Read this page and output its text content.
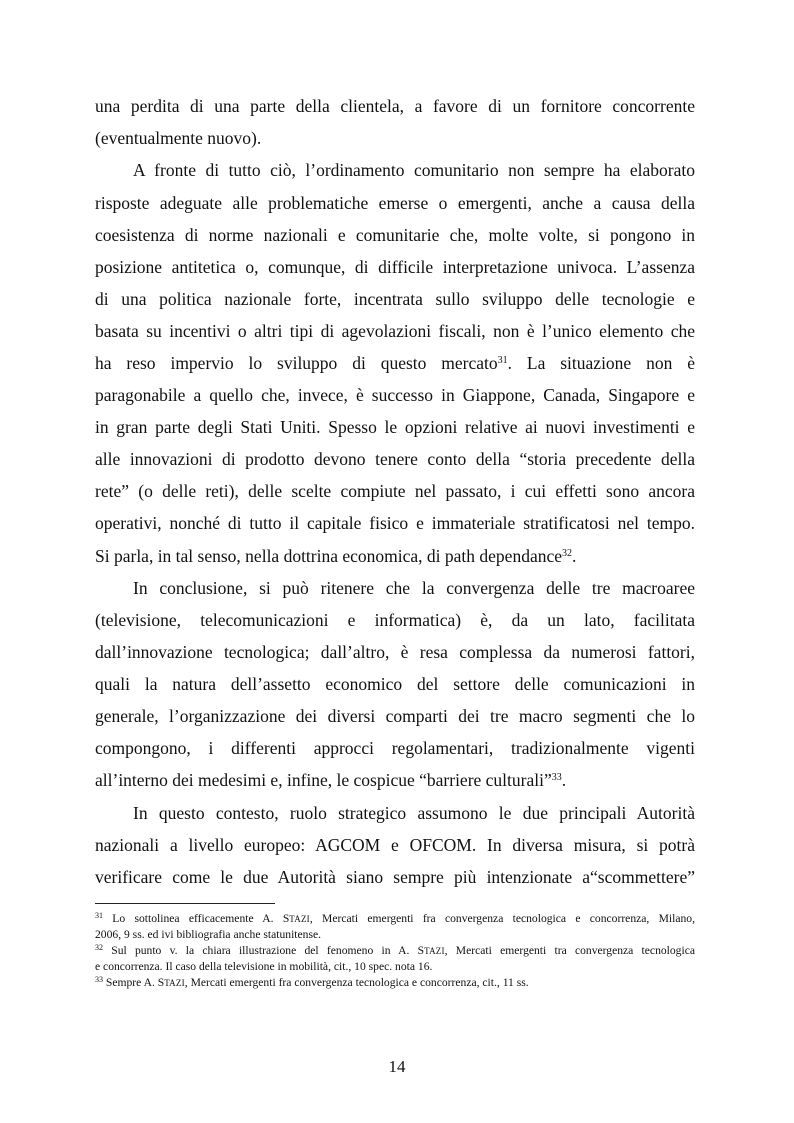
una perdita di una parte della clientela, a favore di un fornitore concorrente
(eventualmente nuovo).
A fronte di tutto ciò, l’ordinamento comunitario non sempre ha elaborato
risposte adeguate alle problematiche emerse o emergenti, anche a causa della
coesistenza di norme nazionali e comunitarie che, molte volte, si pongono in
posizione antitetica o, comunque, di difficile interpretazione univoca. L’assenza
di una politica nazionale forte, incentrata sullo sviluppo delle tecnologie e
basata su incentivi o altri tipi di agevolazioni fiscali, non è l’unico elemento che
ha reso impervio lo sviluppo di questo mercato$^{31}$. La situazione non è
paragonabile a quello che, invece, è successo in Giappone, Canada, Singapore e
in gran parte degli Stati Uniti. Spesso le opzioni relative ai nuovi investimenti e
alle innovazioni di prodotto devono tenere conto della “storia precedente della
rete” (o delle reti), delle scelte compiute nel passato, i cui effetti sono ancora
operativi, nonché di tutto il capitale fisico e immateriale stratificatosi nel tempo.
Si parla, in tal senso, nella dottrina economica, di path dependance$^{32}$.
In conclusione, si può ritenere che la convergenza delle tre macroaree
(televisione, telecomunicazioni e informatica) è, da un lato, facilitata
dall’innovazione tecnologica; dall’altro, è resa complessa da numerosi fattori,
quali la natura dell’assetto economico del settore delle comunicazioni in
generale, l’organizzazione dei diversi comparti dei tre macro segmenti che lo
compongono, i differenti approcci regolamentari, tradizionalmente vigenti
all’interno dei medesimi e, infine, le cospicue “barriere culturali”$^{33}$.
In questo contesto, ruolo strategico assumono le due principali Autorità
nazionali a livello europeo: AGCOM e OFCOM. In diversa misura, si potrà
verificare come le due Autorità siano sempre più intenzionate a“scommettere”
$^{31}$ Lo sottolinea efficacemente A. STAZI, Mercati emergenti fra convergenza tecnologica e concorrenza, Milano,
2006, 9 ss. ed ivi bibliografia anche statunitense.
$^{32}$ Sul punto v. la chiara illustrazione del fenomeno in A. STAZI, Mercati emergenti tra convergenza tecnologica
e concorrenza. Il caso della televisione in mobilità, cit., 10 spec. nota 16.
$^{33}$ Sempre A. STAZI, Mercati emergenti fra convergenza tecnologica e concorrenza, cit., 11 ss.
14
